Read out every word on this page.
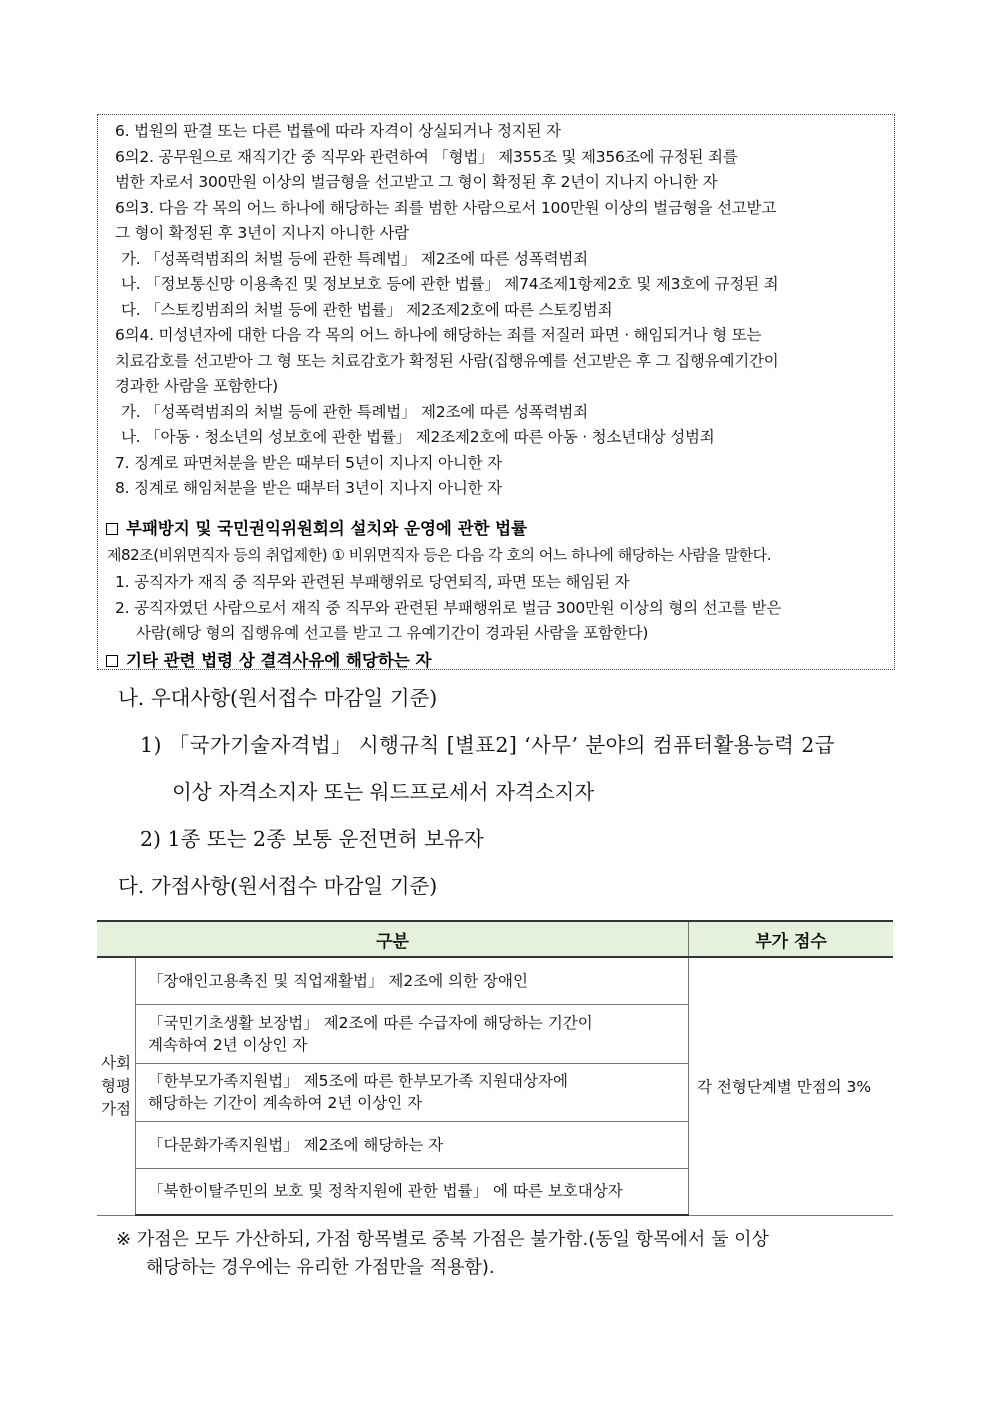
6. 법원의 판결 또는 다른 법률에 따라 자격이 상실되거나 정지된 자
6의2. 공무원으로 재직기간 중 직무와 관련하여 「형법」 제355조 및 제356조에 규정된 죄를
범한 자로서 300만원 이상의 벌금형을 선고받고 그 형이 확정된 후 2년이 지나지 아니한 자
6의3. 다음 각 목의 어느 하나에 해당하는 죄를 범한 사람으로서 100만원 이상의 벌금형을 선고받고
그 형이 확정된 후 3년이 지나지 아니한 사람
가. 「성폭력범죄의 처벌 등에 관한 특례법」 제2조에 따른 성폭력범죄
나. 「정보통신망 이용촉진 및 정보보호 등에 관한 법률」 제74조제1항제2호 및 제3호에 규정된 죄
다. 「스토킹범죄의 처벌 등에 관한 법률」 제2조제2호에 따른 스토킹범죄
6의4. 미성년자에 대한 다음 각 목의 어느 하나에 해당하는 죄를 저질러 파면 · 해임되거나 형 또는
치료감호를 선고받아 그 형 또는 치료감호가 확정된 사람(집행유예를 선고받은 후 그 집행유예기간이
경과한 사람을 포함한다)
가. 「성폭력범죄의 처벌 등에 관한 특례법」 제2조에 따른 성폭력범죄
나. 「아동 · 청소년의 성보호에 관한 법률」 제2조제2호에 따른 아동 · 청소년대상 성범죄
7. 징계로 파면처분을 받은 때부터 5년이 지나지 아니한 자
8. 징계로 해임처분을 받은 때부터 3년이 지나지 아니한 자
부패방지 및 국민권익위원회의 설치와 운영에 관한 법률
제82조(비위면직자 등의 취업제한) ① 비위면직자 등은 다음 각 호의 어느 하나에 해당하는 사람을 말한다.
1. 공직자가 재직 중 직무와 관련된 부패행위로 당연퇴직, 파면 또는 해임된 자
2. 공직자였던 사람으로서 재직 중 직무와 관련된 부패행위로 벌금 300만원 이상의 형의 선고를 받은
사람(해당 형의 집행유예 선고를 받고 그 유예기간이 경과된 사람을 포함한다)
기타 관련 법령 상 결격사유에 해당하는 자
나. 우대사항(원서접수 마감일 기준)
1) 「국가기술자격법」 시행규칙 [별표2] ‘사무’ 분야의 컴퓨터활용능력 2급
이상 자격소지자 또는 워드프로세서 자격소지자
2) 1종 또는 2종 보통 운전면허 보유자
다. 가점사항(원서접수 마감일 기준)
구분		부가 점수

사회
형평
가점	「장애인고용촉진 및 직업재활법」 제2조에 의한 장애인	각 전형단계별 만점의 3%

	「국민기초생활 보장법」 제2조에 따른 수급자에 해당하는 기간이
계속하여 2년 이상인 자	

	「한부모가족지원법」 제5조에 따른 한부모가족 지원대상자에
해당하는 기간이 계속하여 2년 이상인 자	

	「다문화가족지원법」 제2조에 해당하는 자	

	「북한이탈주민의 보호 및 정착지원에 관한 법률」 에 따른 보호대상자	
※ 가점은 모두 가산하되, 가점 항목별로 중복 가점은 불가함.(동일 항목에서 둘 이상
해당하는 경우에는 유리한 가점만을 적용함).
